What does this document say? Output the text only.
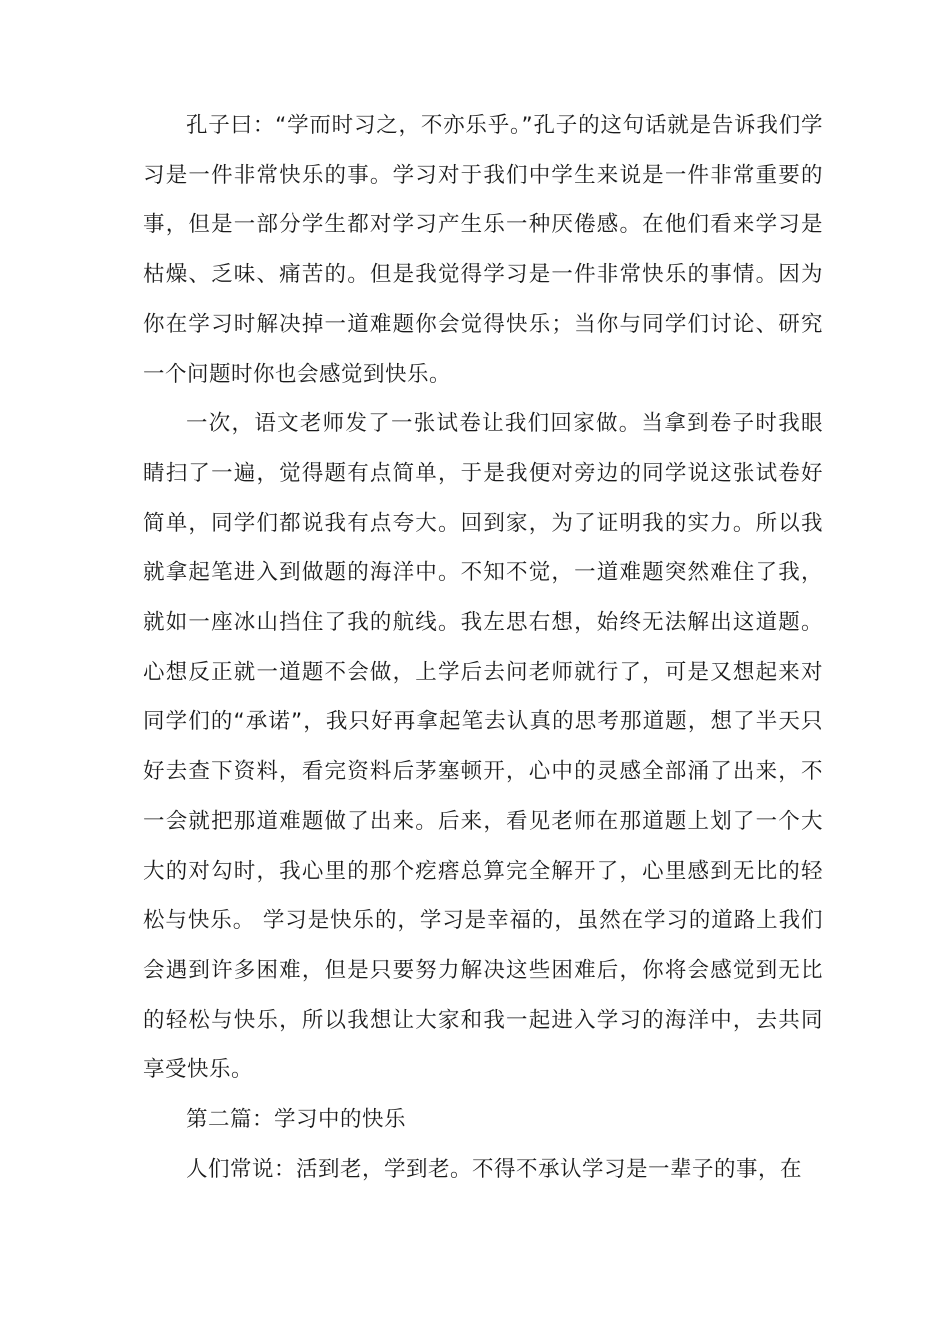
孔子曰：“学而时习之，不亦乐乎。”孔子的这句话就是告诉我们学习是一件非常快乐的事。学习对于我们中学生来说是一件非常重要的事，但是一部分学生都对学习产生乐一种厌倦感。在他们看来学习是枯燥、乏味、痛苦的。但是我觉得学习是一件非常快乐的事情。因为你在学习时解决掉一道难题你会觉得快乐；当你与同学们讨论、研究一个问题时你也会感觉到快乐。

一次，语文老师发了一张试卷让我们回家做。当拿到卷子时我眼睛扫了一遍，觉得题有点简单，于是我便对旁边的同学说这张试卷好简单，同学们都说我有点夸大。回到家，为了证明我的实力。所以我就拿起笔进入到做题的海洋中。不知不觉，一道难题突然难住了我，就如一座冰山挡住了我的航线。我左思右想，始终无法解出这道题。心想反正就一道题不会做，上学后去问老师就行了，可是又想起来对同学们的“承诺”，我只好再拿起笔去认真的思考那道题，想了半天只好去查下资料，看完资料后茅塞顿开，心中的灵感全部涌了出来，不一会就把那道难题做了出来。后来，看见老师在那道题上划了一个大大的对勾时，我心里的那个疙瘩总算完全解开了，心里感到无比的轻松与快乐。 学习是快乐的，学习是幸福的，虽然在学习的道路上我们会遇到许多困难，但是只要努力解决这些困难后，你将会感觉到无比的轻松与快乐，所以我想让大家和我一起进入学习的海洋中，去共同享受快乐。

第二篇：学习中的快乐

人们常说：活到老，学到老。不得不承认学习是一辈子的事，在
